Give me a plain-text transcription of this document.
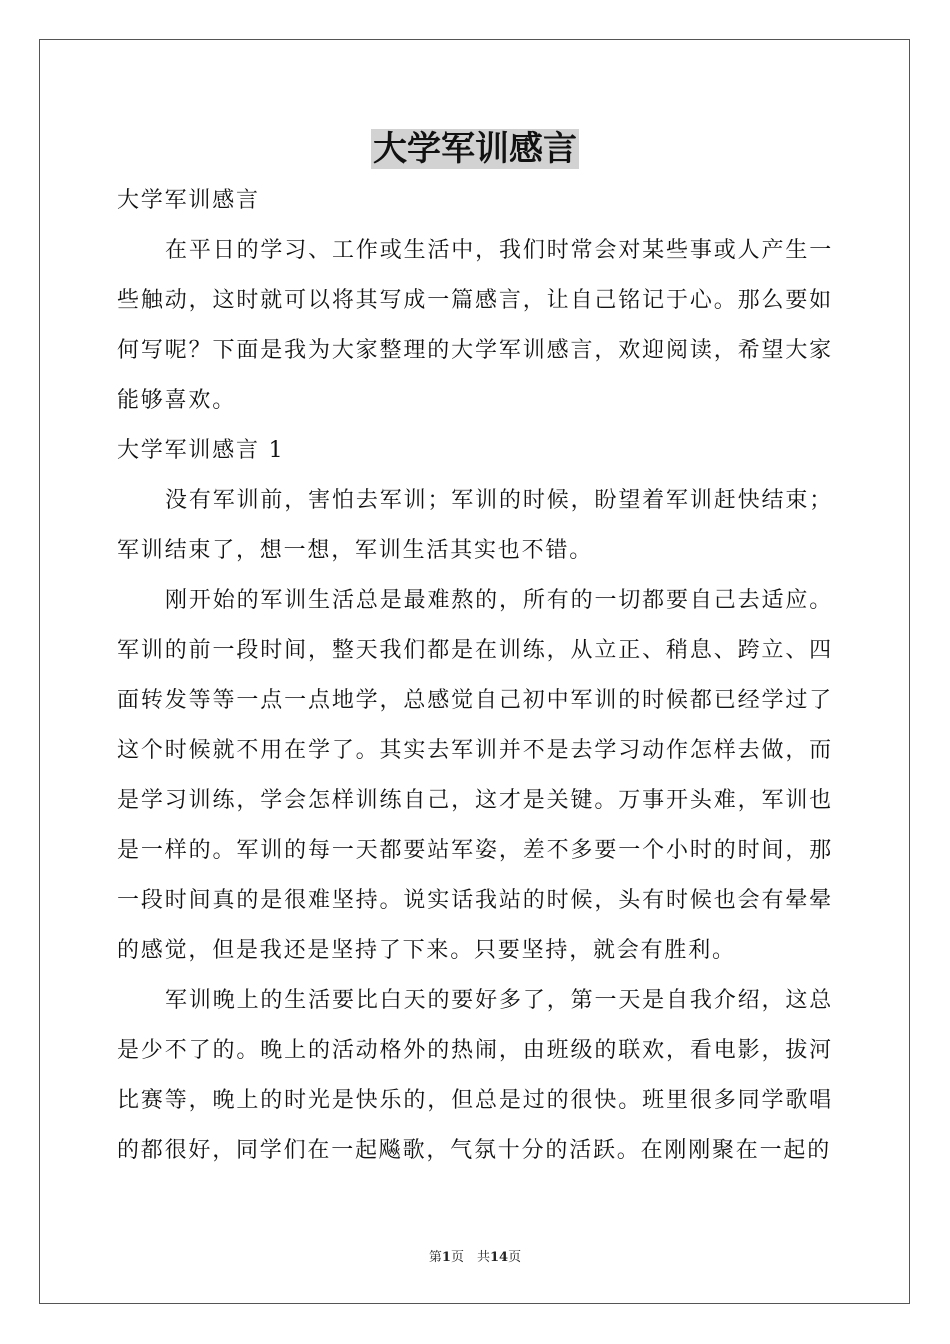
大学军训感言

大学军训感言

在平日的学习、工作或生活中，我们时常会对某些事或人产生一些触动，这时就可以将其写成一篇感言，让自己铭记于心。那么要如何写呢？下面是我为大家整理的大学军训感言，欢迎阅读，希望大家能够喜欢。

大学军训感言 1

没有军训前，害怕去军训；军训的时候，盼望着军训赶快结束；军训结束了，想一想，军训生活其实也不错。

刚开始的军训生活总是最难熬的，所有的一切都要自己去适应。军训的前一段时间，整天我们都是在训练，从立正、稍息、跨立、四面转发等等一点一点地学，总感觉自己初中军训的时候都已经学过了这个时候就不用在学了。其实去军训并不是去学习动作怎样去做，而是学习训练，学会怎样训练自己，这才是关键。万事开头难，军训也是一样的。军训的每一天都要站军姿，差不多要一个小时的时间，那一段时间真的是很难坚持。说实话我站的时候，头有时候也会有晕晕的感觉，但是我还是坚持了下来。只要坚持，就会有胜利。

军训晚上的生活要比白天的要好多了，第一天是自我介绍，这总是少不了的。晚上的活动格外的热闹，由班级的联欢，看电影，拔河比赛等，晚上的时光是快乐的，但总是过的很快。班里很多同学歌唱的都很好，同学们在一起飚歌，气氛十分的活跃。在刚刚聚在一起的

第1页　共14页
